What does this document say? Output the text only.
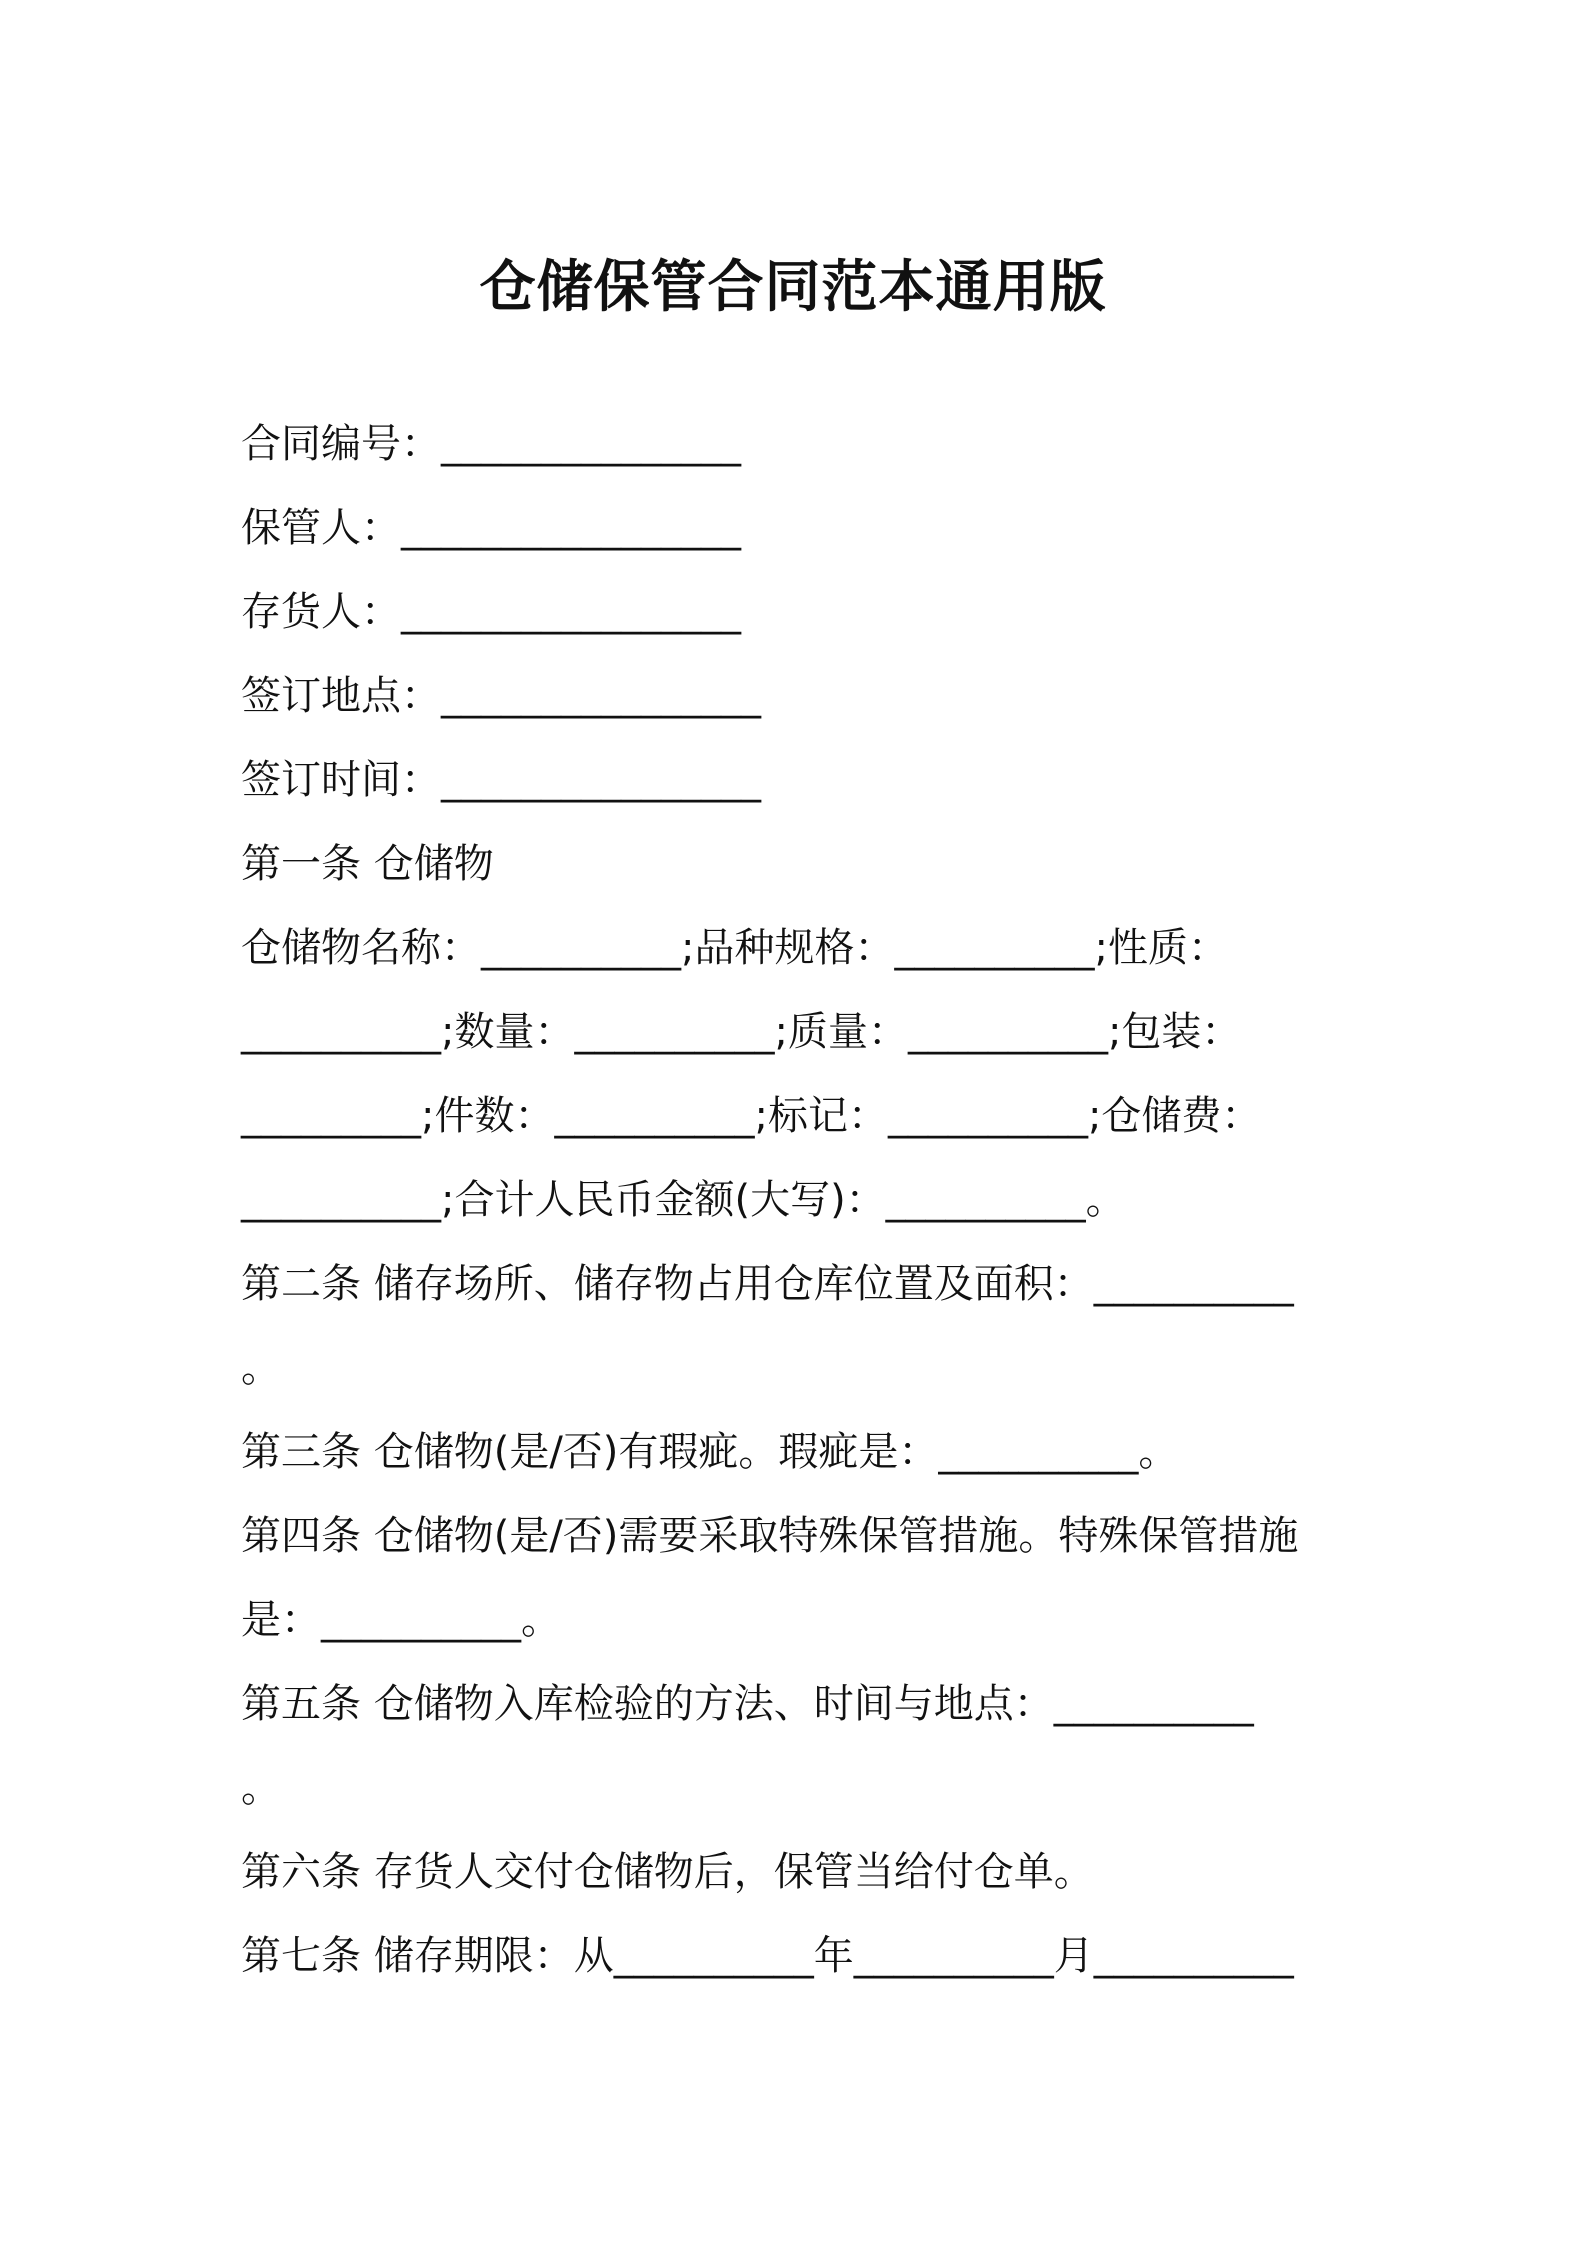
仓储保管合同范本通用版
合同编号：_______________
保管人：_________________
存货人：_________________
签订地点：________________
签订时间：________________
第一条 仓储物
仓储物名称：__________;品种规格：__________;性质：
__________;数量：__________;质量：__________;包装：
_________;件数：__________;标记：__________;仓储费：
__________;合计人民币金额(大写)：__________。
第二条 储存场所、储存物占用仓库位置及面积：__________
。
第三条 仓储物(是/否)有瑕疵。瑕疵是：__________。
第四条 仓储物(是/否)需要采取特殊保管措施。特殊保管措施
是：__________。
第五条 仓储物入库检验的方法、时间与地点：__________
。
第六条 存货人交付仓储物后，保管当给付仓单。
第七条 储存期限：从__________年__________月__________
